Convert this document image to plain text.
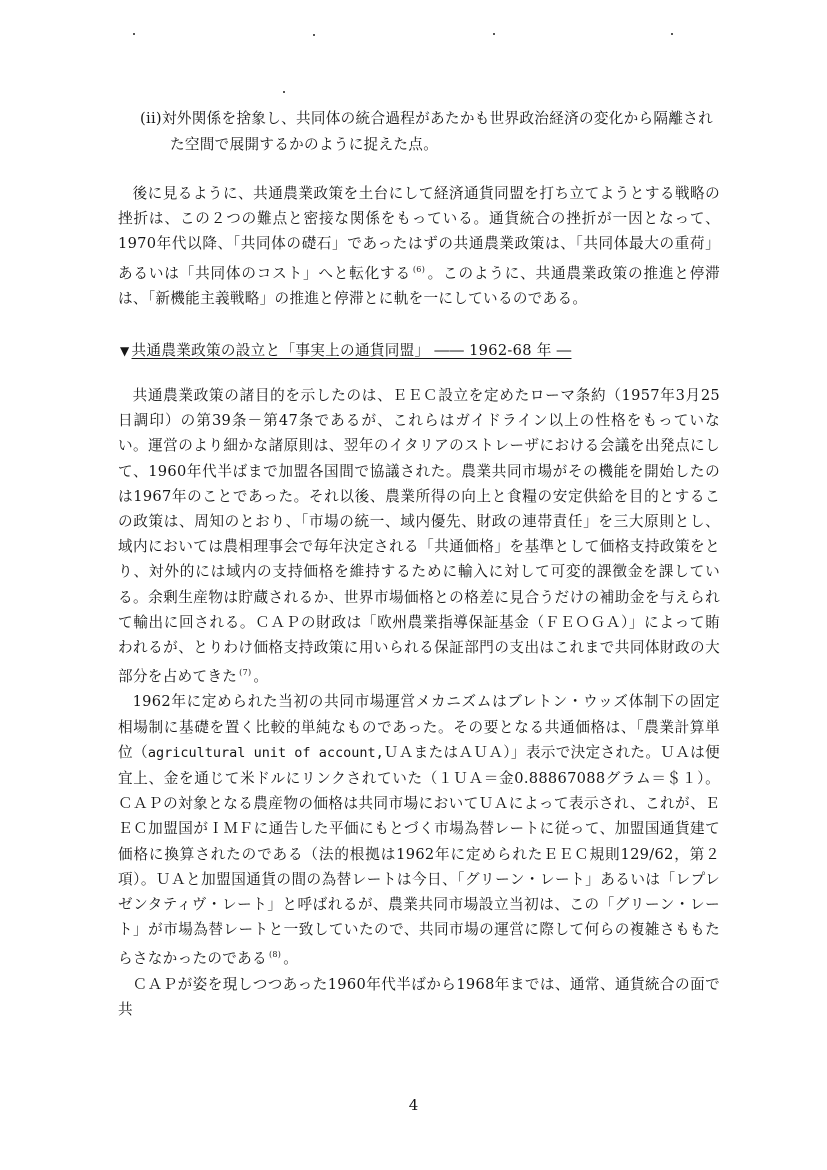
(ii)対外関係を捨象し、共同体の統合過程があたかも世界政治経済の変化から隔離され
た空間で展開するかのように捉えた点。

後に見るように、共通農業政策を土台にして経済通貨同盟を打ち立てようとする戦略の挫折は、この２つの難点と密接な関係をもっている。通貨統合の挫折が一因となって、1970年代以降、「共同体の礎石」であったはずの共通農業政策は、「共同体最大の重荷」あるいは「共同体のコスト」へと転化する $^{(6)}$ 。このように、共通農業政策の推進と停滞は、「新機能主義戦略」の推進と停滞とに軌を一にしているのである。

▼ 共通農業政策の設立と「事実上の通貨同盟」 ―― 1962-68 年 ―

共通農業政策の諸目的を示したのは、ＥＥＣ設立を定めたローマ条約（1957年3月25日調印）の第39条－第47条であるが、これらはガイドライン以上の性格をもっていない。運営のより細かな諸原則は、翌年のイタリアのストレーザにおける会議を出発点にして、1960年代半ばまで加盟各国間で協議された。農業共同市場がその機能を開始したのは1967年のことであった。それ以後、農業所得の向上と食糧の安定供給を目的とするこの政策は、周知のとおり、「市場の統一、域内優先、財政の連帯責任」を三大原則とし、域内においては農相理事会で毎年決定される「共通価格」を基準として価格支持政策をとり、対外的には域内の支持価格を維持するために輸入に対して可変的課徴金を課している。余剰生産物は貯蔵されるか、世界市場価格との格差に見合うだけの補助金を与えられて輸出に回される。ＣＡＰの財政は「欧州農業指導保証基金（ＦＥＯＧＡ）」によって賄われるが、とりわけ価格支持政策に用いられる保証部門の支出はこれまで共同体財政の大部分を占めてきた $^{(7)}$ 。

1962年に定められた当初の共同市場運営メカニズムはブレトン・ウッズ体制下の固定相場制に基礎を置く比較的単純なものであった。その要となる共通価格は、「農業計算単位（agricultural unit of account,ＵＡまたはＡＵＡ）」表示で決定された。ＵＡは便宜上、金を通じて米ドルにリンクされていた（１ＵＡ＝金0.88867088グラム＝＄１）。ＣＡＰの対象となる農産物の価格は共同市場においてＵＡによって表示され、これが、ＥＥＣ加盟国がＩＭＦに通告した平価にもとづく市場為替レートに従って、加盟国通貨建て価格に換算されたのである（法的根拠は1962年に定められたＥＥＣ規則129/62，第２項）。ＵＡと加盟国通貨の間の為替レートは今日、「グリーン・レート」あるいは「レプレゼンタティヴ・レート」と呼ばれるが、農業共同市場設立当初は、この「グリーン・レート」が市場為替レートと一致していたので、共同市場の運営に際して何らの複雑さももたらさなかったのである $^{(8)}$ 。

ＣＡＰが姿を現しつつあった1960年代半ばから1968年までは、通常、通貨統合の面で共

4
